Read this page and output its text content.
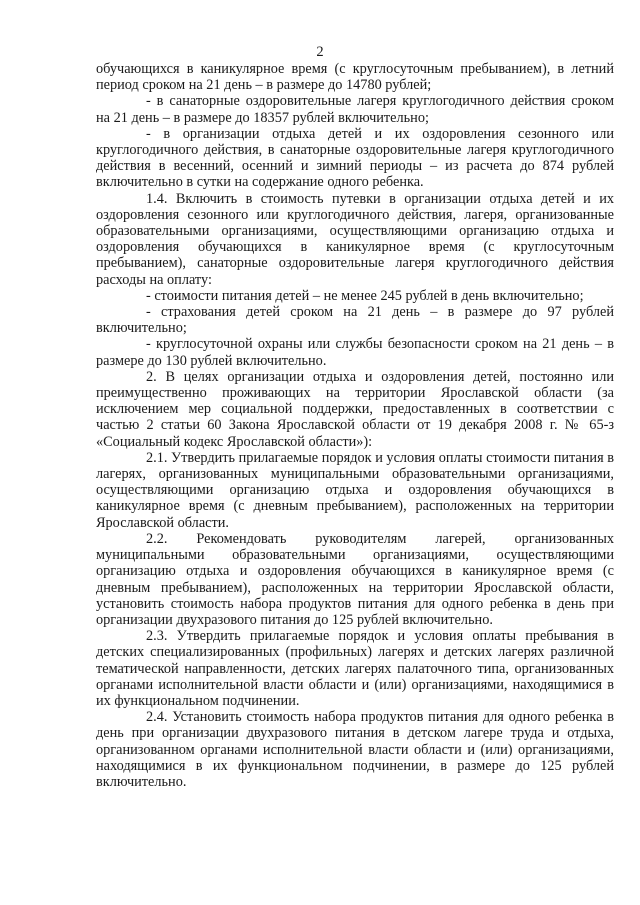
2

обучающихся в каникулярное время (с круглосуточным пребыванием), в летний период сроком на 21 день – в размере до 14780 рублей;

- в санаторные оздоровительные лагеря круглогодичного действия сроком на 21 день – в размере до 18357 рублей включительно;

- в организации отдыха детей и их оздоровления сезонного или круглогодичного действия, в санаторные оздоровительные лагеря круглогодичного действия в весенний, осенний и зимний периоды – из расчета до 874 рублей включительно в сутки на содержание одного ребенка.

1.4. Включить в стоимость путевки в организации отдыха детей и их оздоровления сезонного или круглогодичного действия, лагеря, организованные образовательными организациями, осуществляющими организацию отдыха и оздоровления обучающихся в каникулярное время (с круглосуточным пребыванием), санаторные оздоровительные лагеря круглогодичного действия расходы на оплату:

- стоимости питания детей – не менее 245 рублей в день включительно;

- страхования детей сроком на 21 день – в размере до 97 рублей включительно;

- круглосуточной охраны или службы безопасности сроком на 21 день – в размере до 130 рублей включительно.

2. В целях организации отдыха и оздоровления детей, постоянно или преимущественно проживающих на территории Ярославской области (за исключением мер социальной поддержки, предоставленных в соответствии с частью 2 статьи 60 Закона Ярославской области от 19 декабря 2008 г. № 65-з «Социальный кодекс Ярославской области»):

2.1. Утвердить прилагаемые порядок и условия оплаты стоимости питания в лагерях, организованных муниципальными образовательными организациями, осуществляющими организацию отдыха и оздоровления обучающихся в каникулярное время (с дневным пребыванием), расположенных на территории Ярославской области.

2.2. Рекомендовать руководителям лагерей, организованных муниципальными образовательными организациями, осуществляющими организацию отдыха и оздоровления обучающихся в каникулярное время (с дневным пребыванием), расположенных на территории Ярославской области, установить стоимость набора продуктов питания для одного ребенка в день при организации двухразового питания до 125 рублей включительно.

2.3. Утвердить прилагаемые порядок и условия оплаты пребывания в детских специализированных (профильных) лагерях и детских лагерях различной тематической направленности, детских лагерях палаточного типа, организованных органами исполнительной власти области и (или) организациями, находящимися в их функциональном подчинении.

2.4. Установить стоимость набора продуктов питания для одного ребенка в день при организации двухразового питания в детском лагере труда и отдыха, организованном органами исполнительной власти области и (или) организациями, находящимися в их функциональном подчинении, в размере до 125 рублей включительно.
